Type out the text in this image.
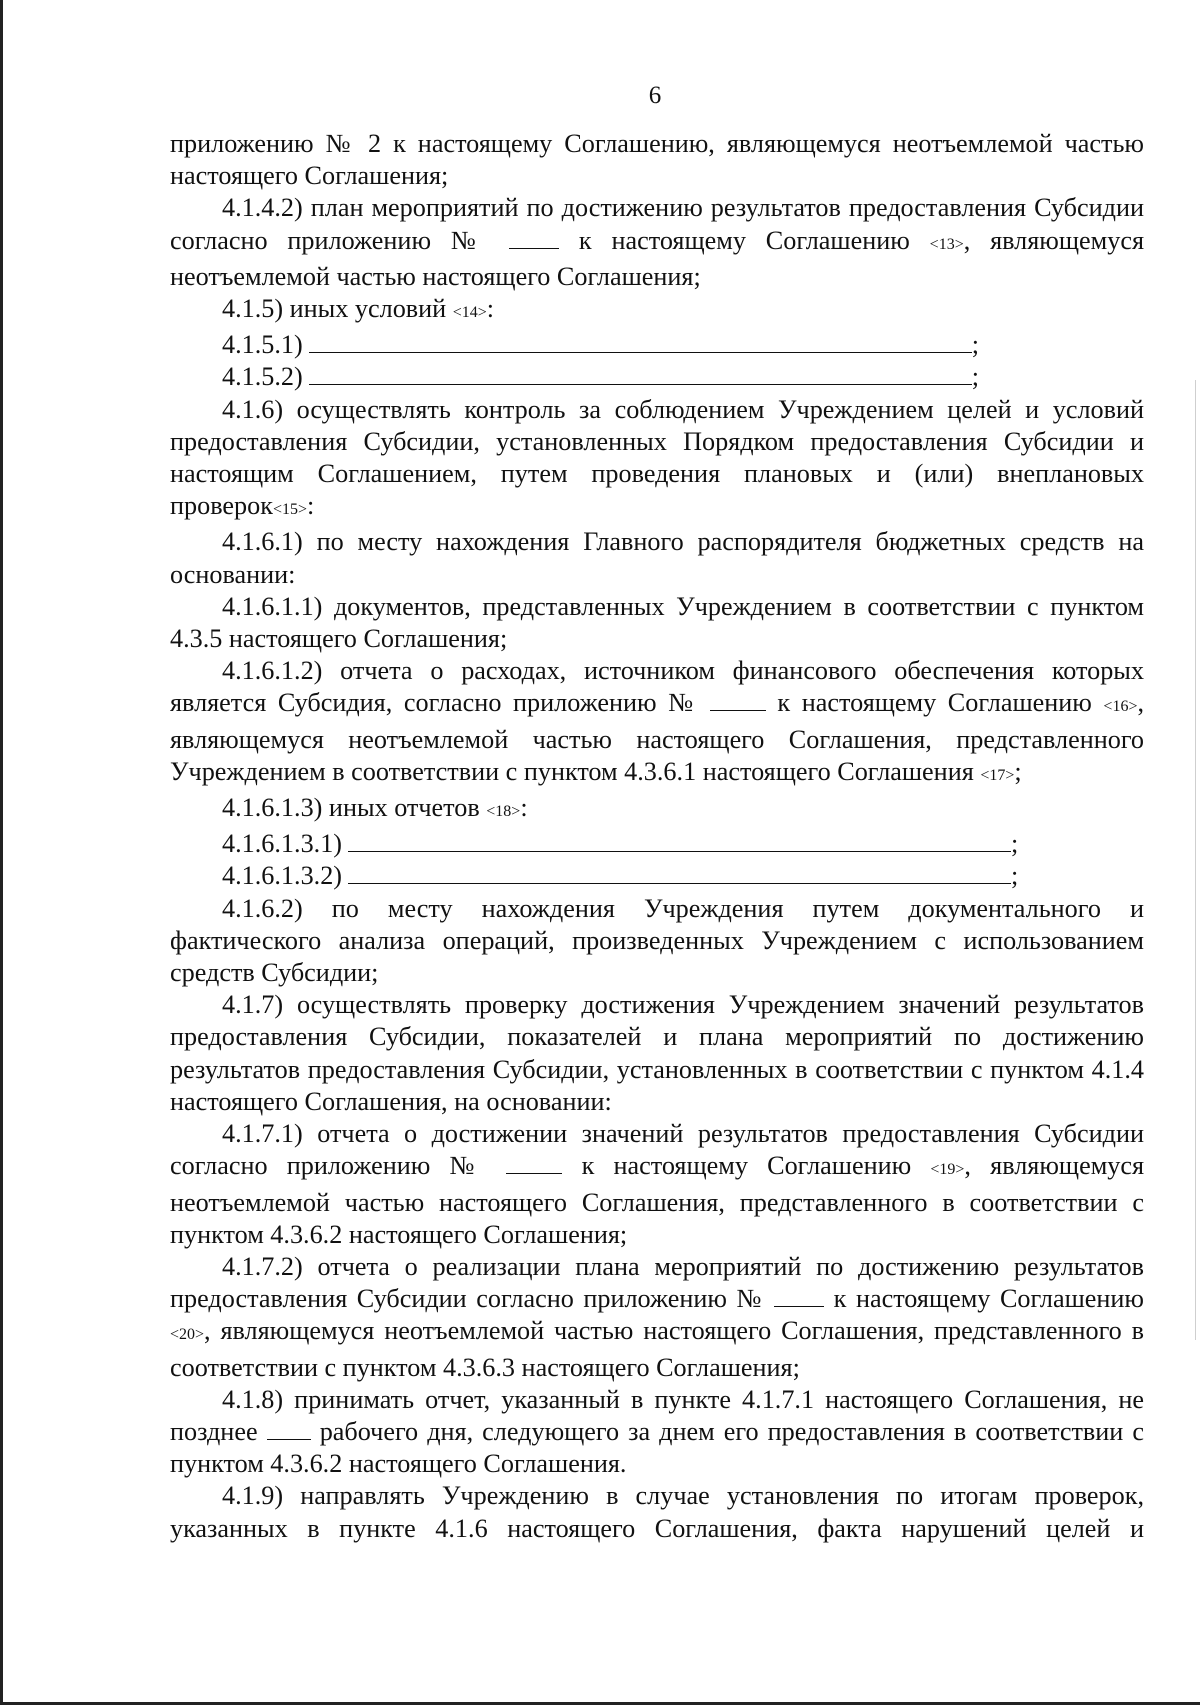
6

приложению № 2 к настоящему Соглашению, являющемуся неотъемлемой частью настоящего Соглашения;

4.1.4.2) план мероприятий по достижению результатов предоставления Субсидии согласно приложению №	к настоящему Соглашению <13>, являющемуся неотъемлемой частью настоящего Соглашения;

4.1.5) иных условий <14>:

4.1.5.1)	;
4.1.5.2)	;

4.1.6) осуществлять контроль за соблюдением Учреждением целей и условий предоставления Субсидии, установленных Порядком предоставления Субсидии и настоящим Соглашением, путем проведения плановых и (или) внеплановых проверок<15>:

4.1.6.1) по месту нахождения Главного распорядителя бюджетных средств на основании:

4.1.6.1.1) документов, представленных Учреждением в соответствии с пунктом 4.3.5 настоящего Соглашения;

4.1.6.1.2) отчета о расходах, источником финансового обеспечения которых является Субсидия, согласно приложению №	к настоящему Соглашению <16>, являющемуся неотъемлемой частью настоящего Соглашения, представленного Учреждением в соответствии с пунктом 4.3.6.1 настоящего Соглашения <17>;

4.1.6.1.3) иных отчетов <18>:

4.1.6.1.3.1)	;
4.1.6.1.3.2)	;

4.1.6.2) по месту нахождения Учреждения путем документального и фактического анализа операций, произведенных Учреждением с использованием средств Субсидии;

4.1.7) осуществлять проверку достижения Учреждением значений результатов предоставления Субсидии, показателей и плана мероприятий по достижению результатов предоставления Субсидии, установленных в соответствии с пунктом 4.1.4 настоящего Соглашения, на основании:

4.1.7.1) отчета о достижении значений результатов предоставления Субсидии согласно приложению №	к настоящему Соглашению <19>, являющемуся неотъемлемой частью настоящего Соглашения, представленного в соответствии с пунктом 4.3.6.2 настоящего Соглашения;

4.1.7.2) отчета о реализации плана мероприятий по достижению результатов предоставления Субсидии согласно приложению №	к настоящему Соглашению <20>, являющемуся неотъемлемой частью настоящего Соглашения, представленного в соответствии с пунктом 4.3.6.3 настоящего Соглашения;

4.1.8) принимать отчет, указанный в пункте 4.1.7.1 настоящего Соглашения, не позднее рабочего дня, следующего за днем его предоставления в соответствии с пунктом 4.3.6.2 настоящего Соглашения.

4.1.9) направлять Учреждению в случае установления по итогам проверок, указанных в пункте 4.1.6 настоящего Соглашения, факта нарушений целей и
